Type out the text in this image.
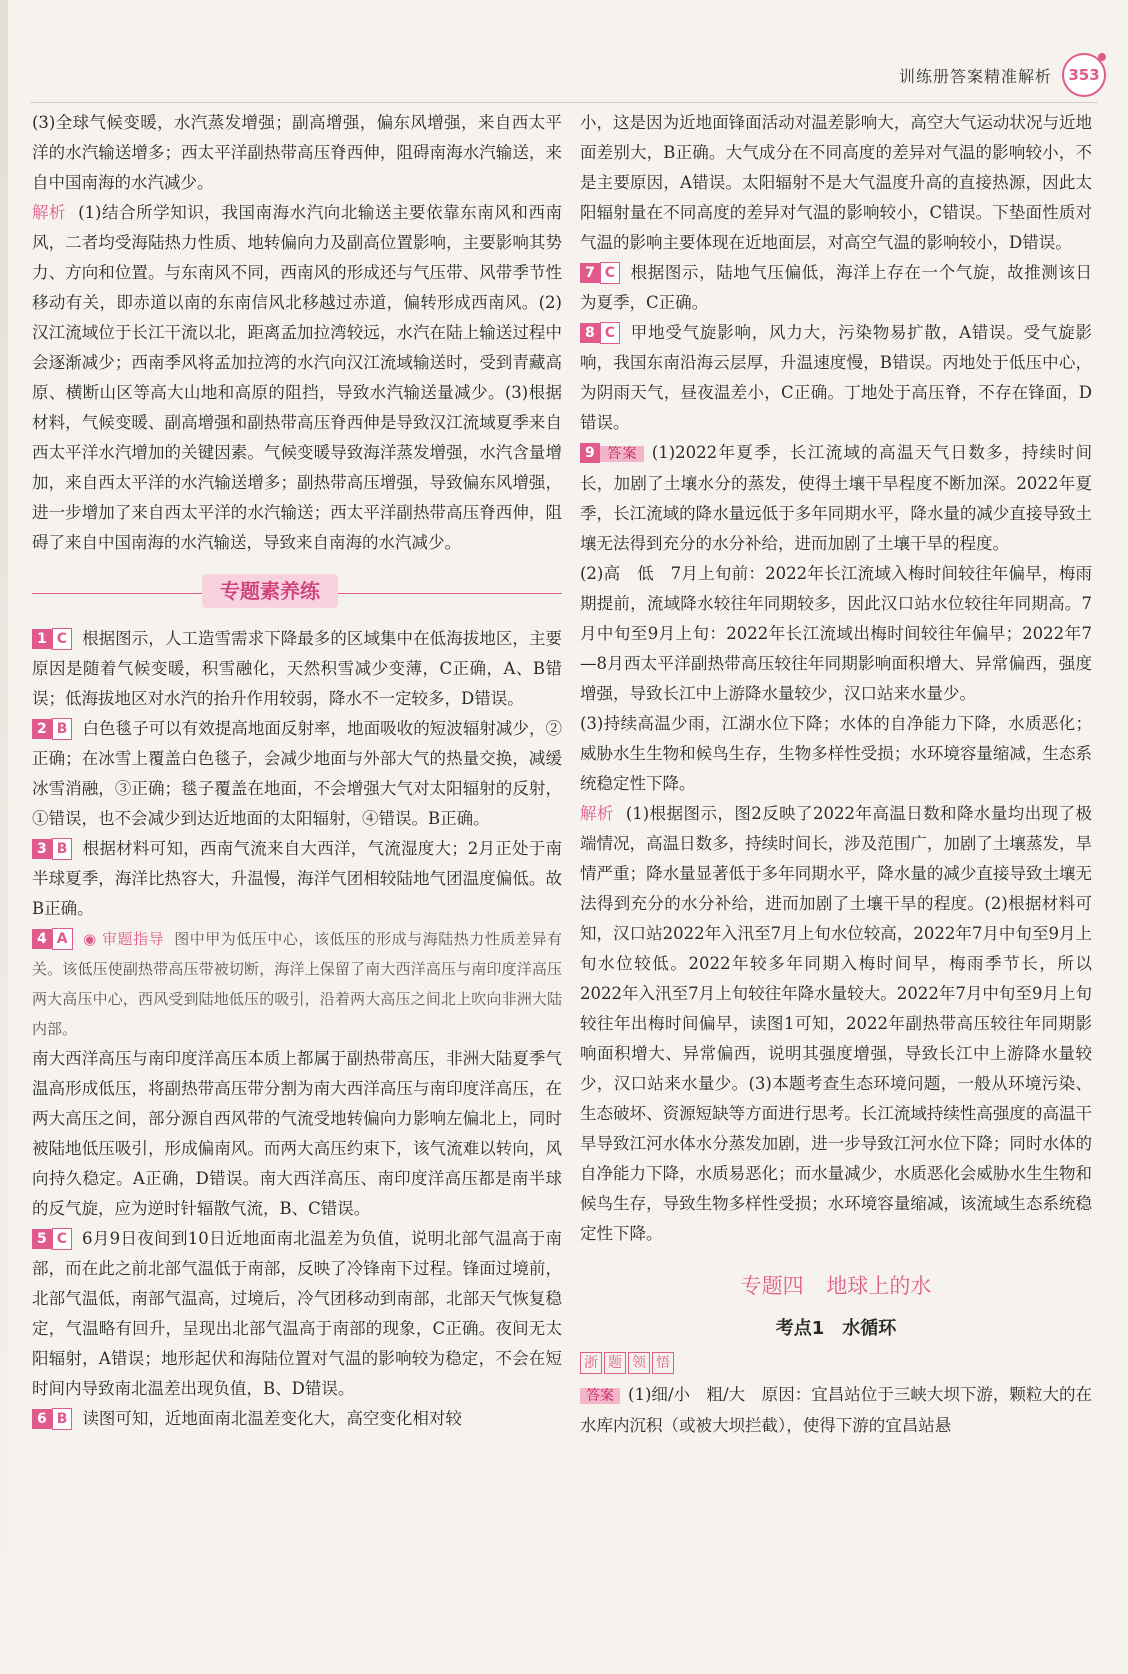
训练册答案精准解析	353

(3)全球气候变暖，水汽蒸发增强；副高增强，偏东风增强，来自西太平洋的水汽输送增多；西太平洋副热带高压脊西伸，阻碍南海水汽输送，来自中国南海的水汽减少。

解析 (1)结合所学知识，我国南海水汽向北输送主要依靠东南风和西南风，二者均受海陆热力性质、地转偏向力及副高位置影响，主要影响其势力、方向和位置。与东南风不同，西南风的形成还与气压带、风带季节性移动有关，即赤道以南的东南信风北移越过赤道，偏转形成西南风。(2)汉江流域位于长江干流以北，距离孟加拉湾较远，水汽在陆上输送过程中会逐渐减少；西南季风将孟加拉湾的水汽向汉江流域输送时，受到青藏高原、横断山区等高大山地和高原的阻挡，导致水汽输送量减少。(3)根据材料，气候变暖、副高增强和副热带高压脊西伸是导致汉江流域夏季来自西太平洋水汽增加的关键因素。气候变暖导致海洋蒸发增强，水汽含量增加，来自西太平洋的水汽输送增多；副热带高压增强，导致偏东风增强，进一步增加了来自西太平洋的水汽输送；西太平洋副热带高压脊西伸，阻碍了来自中国南海的水汽输送，导致来自南海的水汽减少。

专题素养练

1 C 根据图示，人工造雪需求下降最多的区域集中在低海拔地区，主要原因是随着气候变暖，积雪融化，天然积雪减少变薄，C正确，A、B错误；低海拔地区对水汽的抬升作用较弱，降水不一定较多，D错误。

2 B 白色毯子可以有效提高地面反射率，地面吸收的短波辐射减少，②正确；在冰雪上覆盖白色毯子，会减少地面与外部大气的热量交换，减缓冰雪消融，③正确；毯子覆盖在地面，不会增强大气对太阳辐射的反射，①错误，也不会减少到达近地面的太阳辐射，④错误。B正确。

3 B 根据材料可知，西南气流来自大西洋，气流湿度大；2月正处于南半球夏季，海洋比热容大，升温慢，海洋气团相较陆地气团温度偏低。故B正确。

4 A ◉ 审题指导 图中甲为低压中心，该低压的形成与海陆热力性质差异有关。该低压使副热带高压带被切断，海洋上保留了南大西洋高压与南印度洋高压两大高压中心，西风受到陆地低压的吸引，沿着两大高压之间北上吹向非洲大陆内部。

南大西洋高压与南印度洋高压本质上都属于副热带高压，非洲大陆夏季气温高形成低压，将副热带高压带分割为南大西洋高压与南印度洋高压，在两大高压之间，部分源自西风带的气流受地转偏向力影响左偏北上，同时被陆地低压吸引，形成偏南风。而两大高压约束下，该气流难以转向，风向持久稳定。A正确，D错误。南大西洋高压、南印度洋高压都是南半球的反气旋，应为逆时针辐散气流，B、C错误。

5 C 6月9日夜间到10日近地面南北温差为负值，说明北部气温高于南部，而在此之前北部气温低于南部，反映了冷锋南下过程。锋面过境前，北部气温低，南部气温高，过境后，冷气团移动到南部，北部天气恢复稳定，气温略有回升，呈现出北部气温高于南部的现象，C正确。夜间无太阳辐射，A错误；地形起伏和海陆位置对气温的影响较为稳定，不会在短时间内导致南北温差出现负值，B、D错误。

6 B 读图可知，近地面南北温差变化大，高空变化相对较

小，这是因为近地面锋面活动对温差影响大，高空大气运动状况与近地面差别大，B正确。大气成分在不同高度的差异对气温的影响较小，不是主要原因，A错误。太阳辐射不是大气温度升高的直接热源，因此太阳辐射量在不同高度的差异对气温的影响较小，C错误。下垫面性质对气温的影响主要体现在近地面层，对高空气温的影响较小，D错误。

7 C 根据图示，陆地气压偏低，海洋上存在一个气旋，故推测该日为夏季，C正确。

8 C 甲地受气旋影响，风力大，污染物易扩散，A错误。受气旋影响，我国东南沿海云层厚，升温速度慢，B错误。丙地处于低压中心，为阴雨天气，昼夜温差小，C正确。丁地处于高压脊，不存在锋面，D错误。

9 答案 (1)2022年夏季，长江流域的高温天气日数多，持续时间长，加剧了土壤水分的蒸发，使得土壤干旱程度不断加深。2022年夏季，长江流域的降水量远低于多年同期水平，降水量的减少直接导致土壤无法得到充分的水分补给，进而加剧了土壤干旱的程度。

(2)高　低　7月上旬前：2022年长江流域入梅时间较往年偏早，梅雨期提前，流域降水较往年同期较多，因此汉口站水位较往年同期高。7月中旬至9月上旬：2022年长江流域出梅时间较往年偏早；2022年7—8月西太平洋副热带高压较往年同期影响面积增大、异常偏西，强度增强，导致长江中上游降水量较少，汉口站来水量少。

(3)持续高温少雨，江湖水位下降；水体的自净能力下降，水质恶化；威胁水生生物和候鸟生存，生物多样性受损；水环境容量缩减，生态系统稳定性下降。

解析 (1)根据图示，图2反映了2022年高温日数和降水量均出现了极端情况，高温日数多，持续时间长，涉及范围广，加剧了土壤蒸发，旱情严重；降水量显著低于多年同期水平，降水量的减少直接导致土壤无法得到充分的水分补给，进而加剧了土壤干旱的程度。(2)根据材料可知，汉口站2022年入汛至7月上旬水位较高，2022年7月中旬至9月上旬水位较低。2022年较多年同期入梅时间早，梅雨季节长，所以2022年入汛至7月上旬较往年降水量较大。2022年7月中旬至9月上旬较往年出梅时间偏早，读图1可知，2022年副热带高压较往年同期影响面积增大、异常偏西，说明其强度增强，导致长江中上游降水量较少，汉口站来水量少。(3)本题考查生态环境问题，一般从环境污染、生态破坏、资源短缺等方面进行思考。长江流域持续性高强度的高温干旱导致江河水体水分蒸发加剧，进一步导致江河水位下降；同时水体的自净能力下降，水质易恶化；而水量减少，水质恶化会威胁水生生物和候鸟生存，导致生物多样性受损；水环境容量缩减，该流域生态系统稳定性下降。

专题四 地球上的水
考点1　水循环
浙 题 领 悟

答案 (1)细/小　粗/大　原因：宜昌站位于三峡大坝下游，颗粒大的在水库内沉积（或被大坝拦截），使得下游的宜昌站悬
